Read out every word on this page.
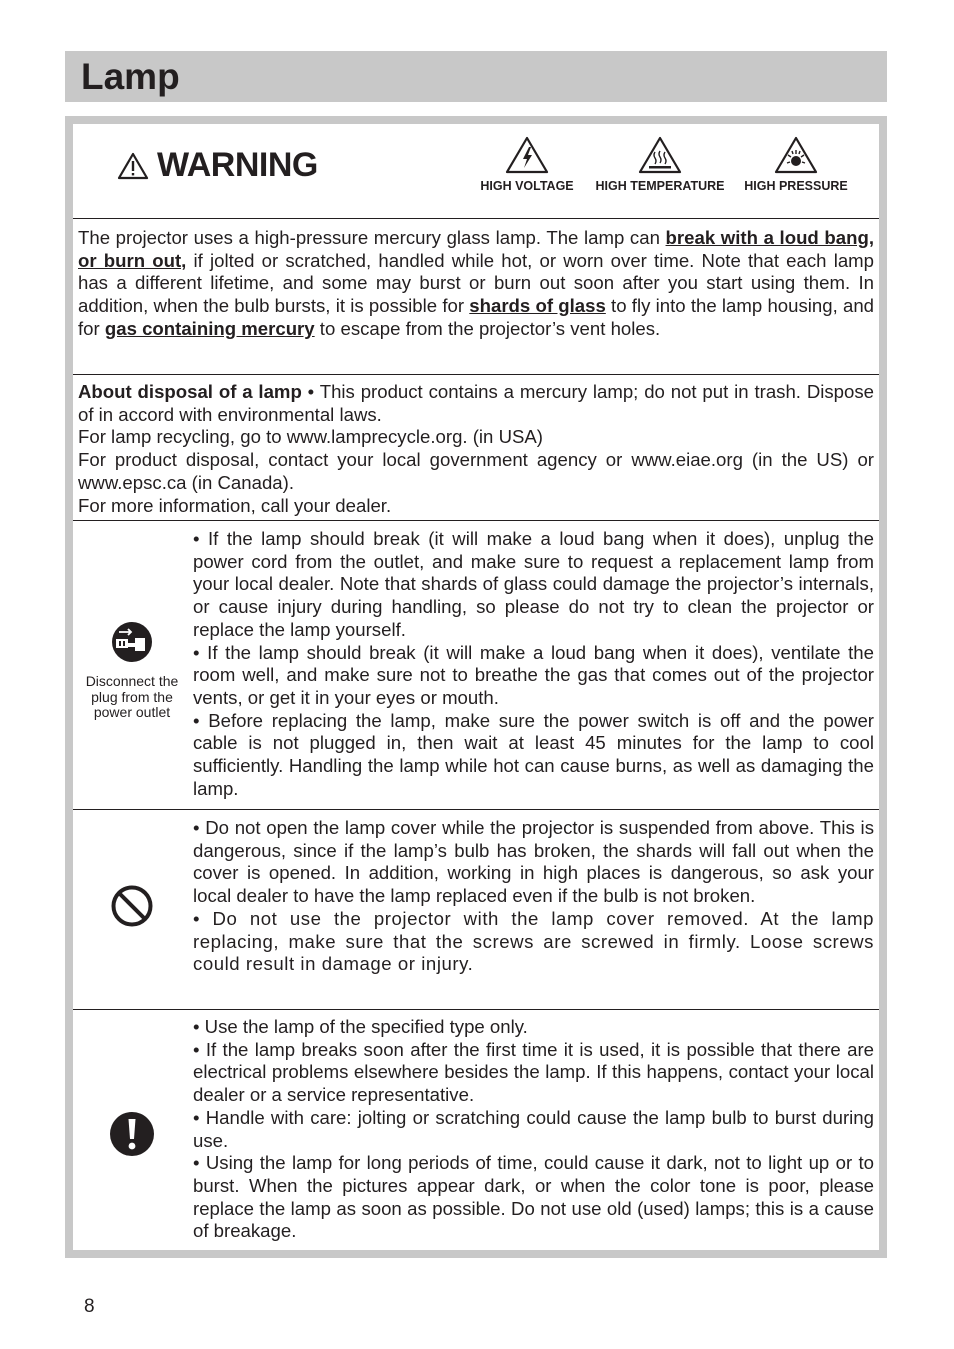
Lamp
WARNING
HIGH VOLTAGE	HIGH TEMPERATURE	HIGH PRESSURE
The projector uses a high-pressure mercury glass lamp. The lamp can break with a loud bang, or burn out, if jolted or scratched, handled while hot, or worn over time. Note that each lamp has a different lifetime, and some may burst or burn out soon after you start using them. In addition, when the bulb bursts, it is possible for shards of glass to fly into the lamp housing, and for gas containing mercury to escape from the projector’s vent holes.
About disposal of a lamp • This product contains a mercury lamp; do not put in trash. Dispose of in accord with environmental laws.
For lamp recycling, go to www.lamprecycle.org. (in USA)
For product disposal, contact your local government agency or www.eiae.org (in the US) or www.epsc.ca (in Canada).
For more information, call your dealer.
Disconnect the plug from the power outlet

• If the lamp should break (it will make a loud bang when it does), unplug the power cord from the outlet, and make sure to request a replacement lamp from your local dealer. Note that shards of glass could damage the projector’s internals, or cause injury during handling, so please do not try to clean the projector or replace the lamp yourself.

• If the lamp should break (it will make a loud bang when it does), ventilate the room well, and make sure not to breathe the gas that comes out of the projector vents, or get it in your eyes or mouth.

• Before replacing the lamp, make sure the power switch is off and the power cable is not plugged in, then wait at least 45 minutes for the lamp to cool sufficiently. Handling the lamp while hot can cause burns, as well as damaging the lamp.

• Do not open the lamp cover while the projector is suspended from above. This is dangerous, since if the lamp’s bulb has broken, the shards will fall out when the cover is opened. In addition, working in high places is dangerous, so ask your local dealer to have the lamp replaced even if the bulb is not broken.

• Do not use the projector with the lamp cover removed. At the lamp replacing, make sure that the screws are screwed in firmly. Loose screws could result in damage or injury.

• Use the lamp of the specified type only.

• If the lamp breaks soon after the first time it is used, it is possible that there are electrical problems elsewhere besides the lamp. If this happens, contact your local dealer or a service representative.

• Handle with care: jolting or scratching could cause the lamp bulb to burst during use.

• Using the lamp for long periods of time, could cause it dark, not to light up or to burst. When the pictures appear dark, or when the color tone is poor, please replace the lamp as soon as possible. Do not use old (used) lamps; this is a cause of breakage.

8
